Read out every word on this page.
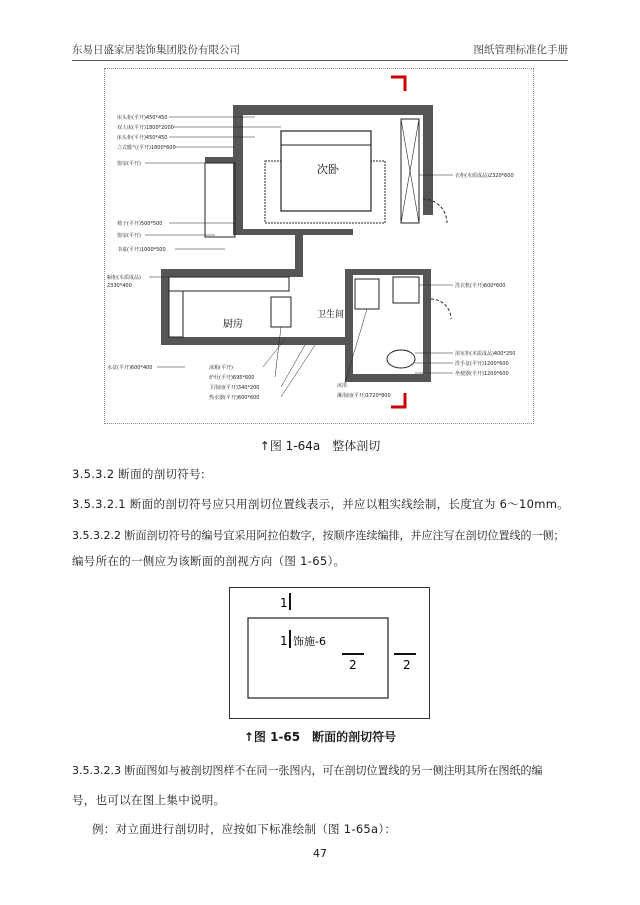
东易日盛家居装饰集团股份有限公司	图纸管理标准化手册
次卧
厨房
卫生间
床头柜(平开)450*450
双人床(平开)1800*2000
床头柜(平开)450*450
立式暖气(平开)1800*600
窗帘(平开)
椅子(平开)500*500
窗帘(平开)
书桌(平开)1000*500
橱柜(木质成品)
2330*400
水盆(平开)600*400
衣柜(木质成品)2320*600
洗衣机(平开)600*600
浴室柜(木质成品)400*250
洗手盆(平开)1200*600
坐便器(平开)1200*600
冰箱(平开)
炉灶(平开)695*600
卫浴间(平开)340*200
热水器(平开)600*600
沐浴
淋浴间(平开)1720*800
↑图 1-64a　整体剖切
3.5.3.2 断面的剖切符号:
3.5.3.2.1 断面的剖切符号应只用剖切位置线表示，并应以粗实线绘制，长度宜为 6～10mm。
3.5.3.2.2 断面剖切符号的编号宜采用阿拉伯数字，按顺序连续编排，并应注写在剖切位置线的一侧；
编号所在的一侧应为该断面的剖视方向（图 1-65）。
1
1 饰施-6
2	2
↑图 1-65　断面的剖切符号
3.5.3.2.3 断面图如与被剖切图样不在同一张图内，可在剖切位置线的另一侧注明其所在图纸的编
号，也可以在图上集中说明。
例：对立面进行剖切时，应按如下标准绘制（图 1-65a）：
47
